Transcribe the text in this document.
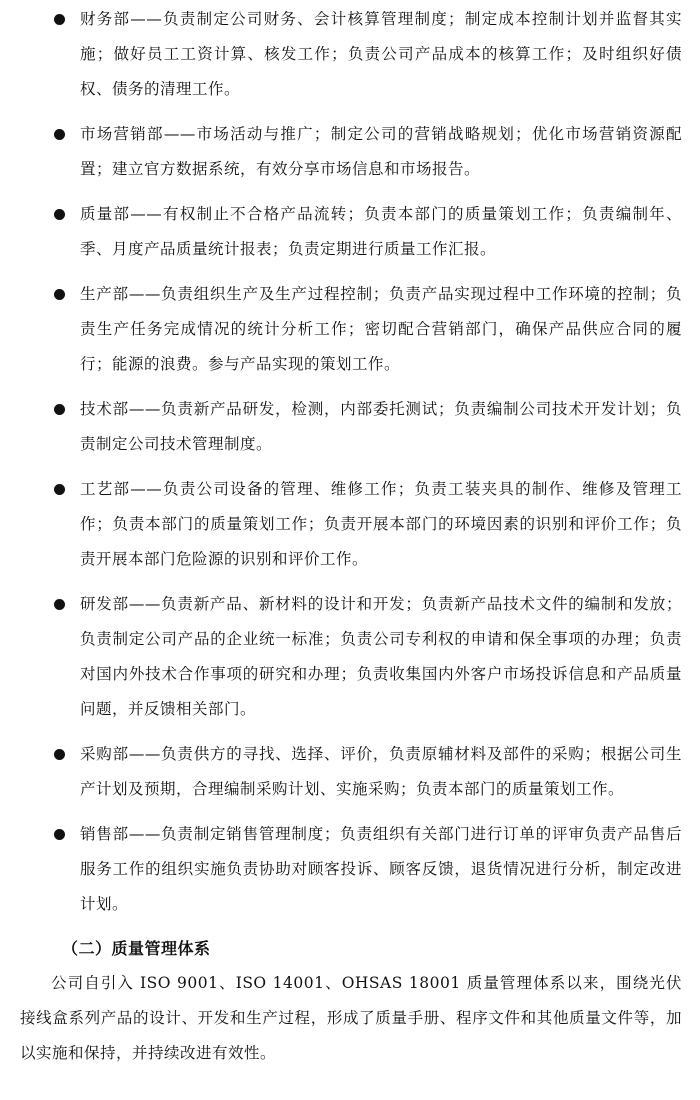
财务部——负责制定公司财务、会计核算管理制度；制定成本控制计划并监督其实施；做好员工工资计算、核发工作；负责公司产品成本的核算工作；及时组织好债权、债务的清理工作。
市场营销部——市场活动与推广；制定公司的营销战略规划；优化市场营销资源配置；建立官方数据系统，有效分享市场信息和市场报告。
质量部——有权制止不合格产品流转；负责本部门的质量策划工作；负责编制年、季、月度产品质量统计报表；负责定期进行质量工作汇报。
生产部——负责组织生产及生产过程控制；负责产品实现过程中工作环境的控制；负责生产任务完成情况的统计分析工作；密切配合营销部门，确保产品供应合同的履行；能源的浪费。参与产品实现的策划工作。
技术部——负责新产品研发，检测，内部委托测试；负责编制公司技术开发计划；负责制定公司技术管理制度。
工艺部——负责公司设备的管理、维修工作；负责工装夹具的制作、维修及管理工作；负责本部门的质量策划工作；负责开展本部门的环境因素的识别和评价工作；负责开展本部门危险源的识别和评价工作。
研发部——负责新产品、新材料的设计和开发；负责新产品技术文件的编制和发放；负责制定公司产品的企业统一标准；负责公司专利权的申请和保全事项的办理；负责对国内外技术合作事项的研究和办理；负责收集国内外客户市场投诉信息和产品质量问题，并反馈相关部门。
采购部——负责供方的寻找、选择、评价，负责原辅材料及部件的采购；根据公司生产计划及预期，合理编制采购计划、实施采购；负责本部门的质量策划工作。
销售部——负责制定销售管理制度；负责组织有关部门进行订单的评审负责产品售后服务工作的组织实施负责协助对顾客投诉、顾客反馈，退货情况进行分析，制定改进计划。
（二）质量管理体系

公司自引入 ISO 9001、ISO 14001、OHSAS 18001 质量管理体系以来，围绕光伏接线盒系列产品的设计、开发和生产过程，形成了质量手册、程序文件和其他质量文件等，加以实施和保持，并持续改进有效性。
